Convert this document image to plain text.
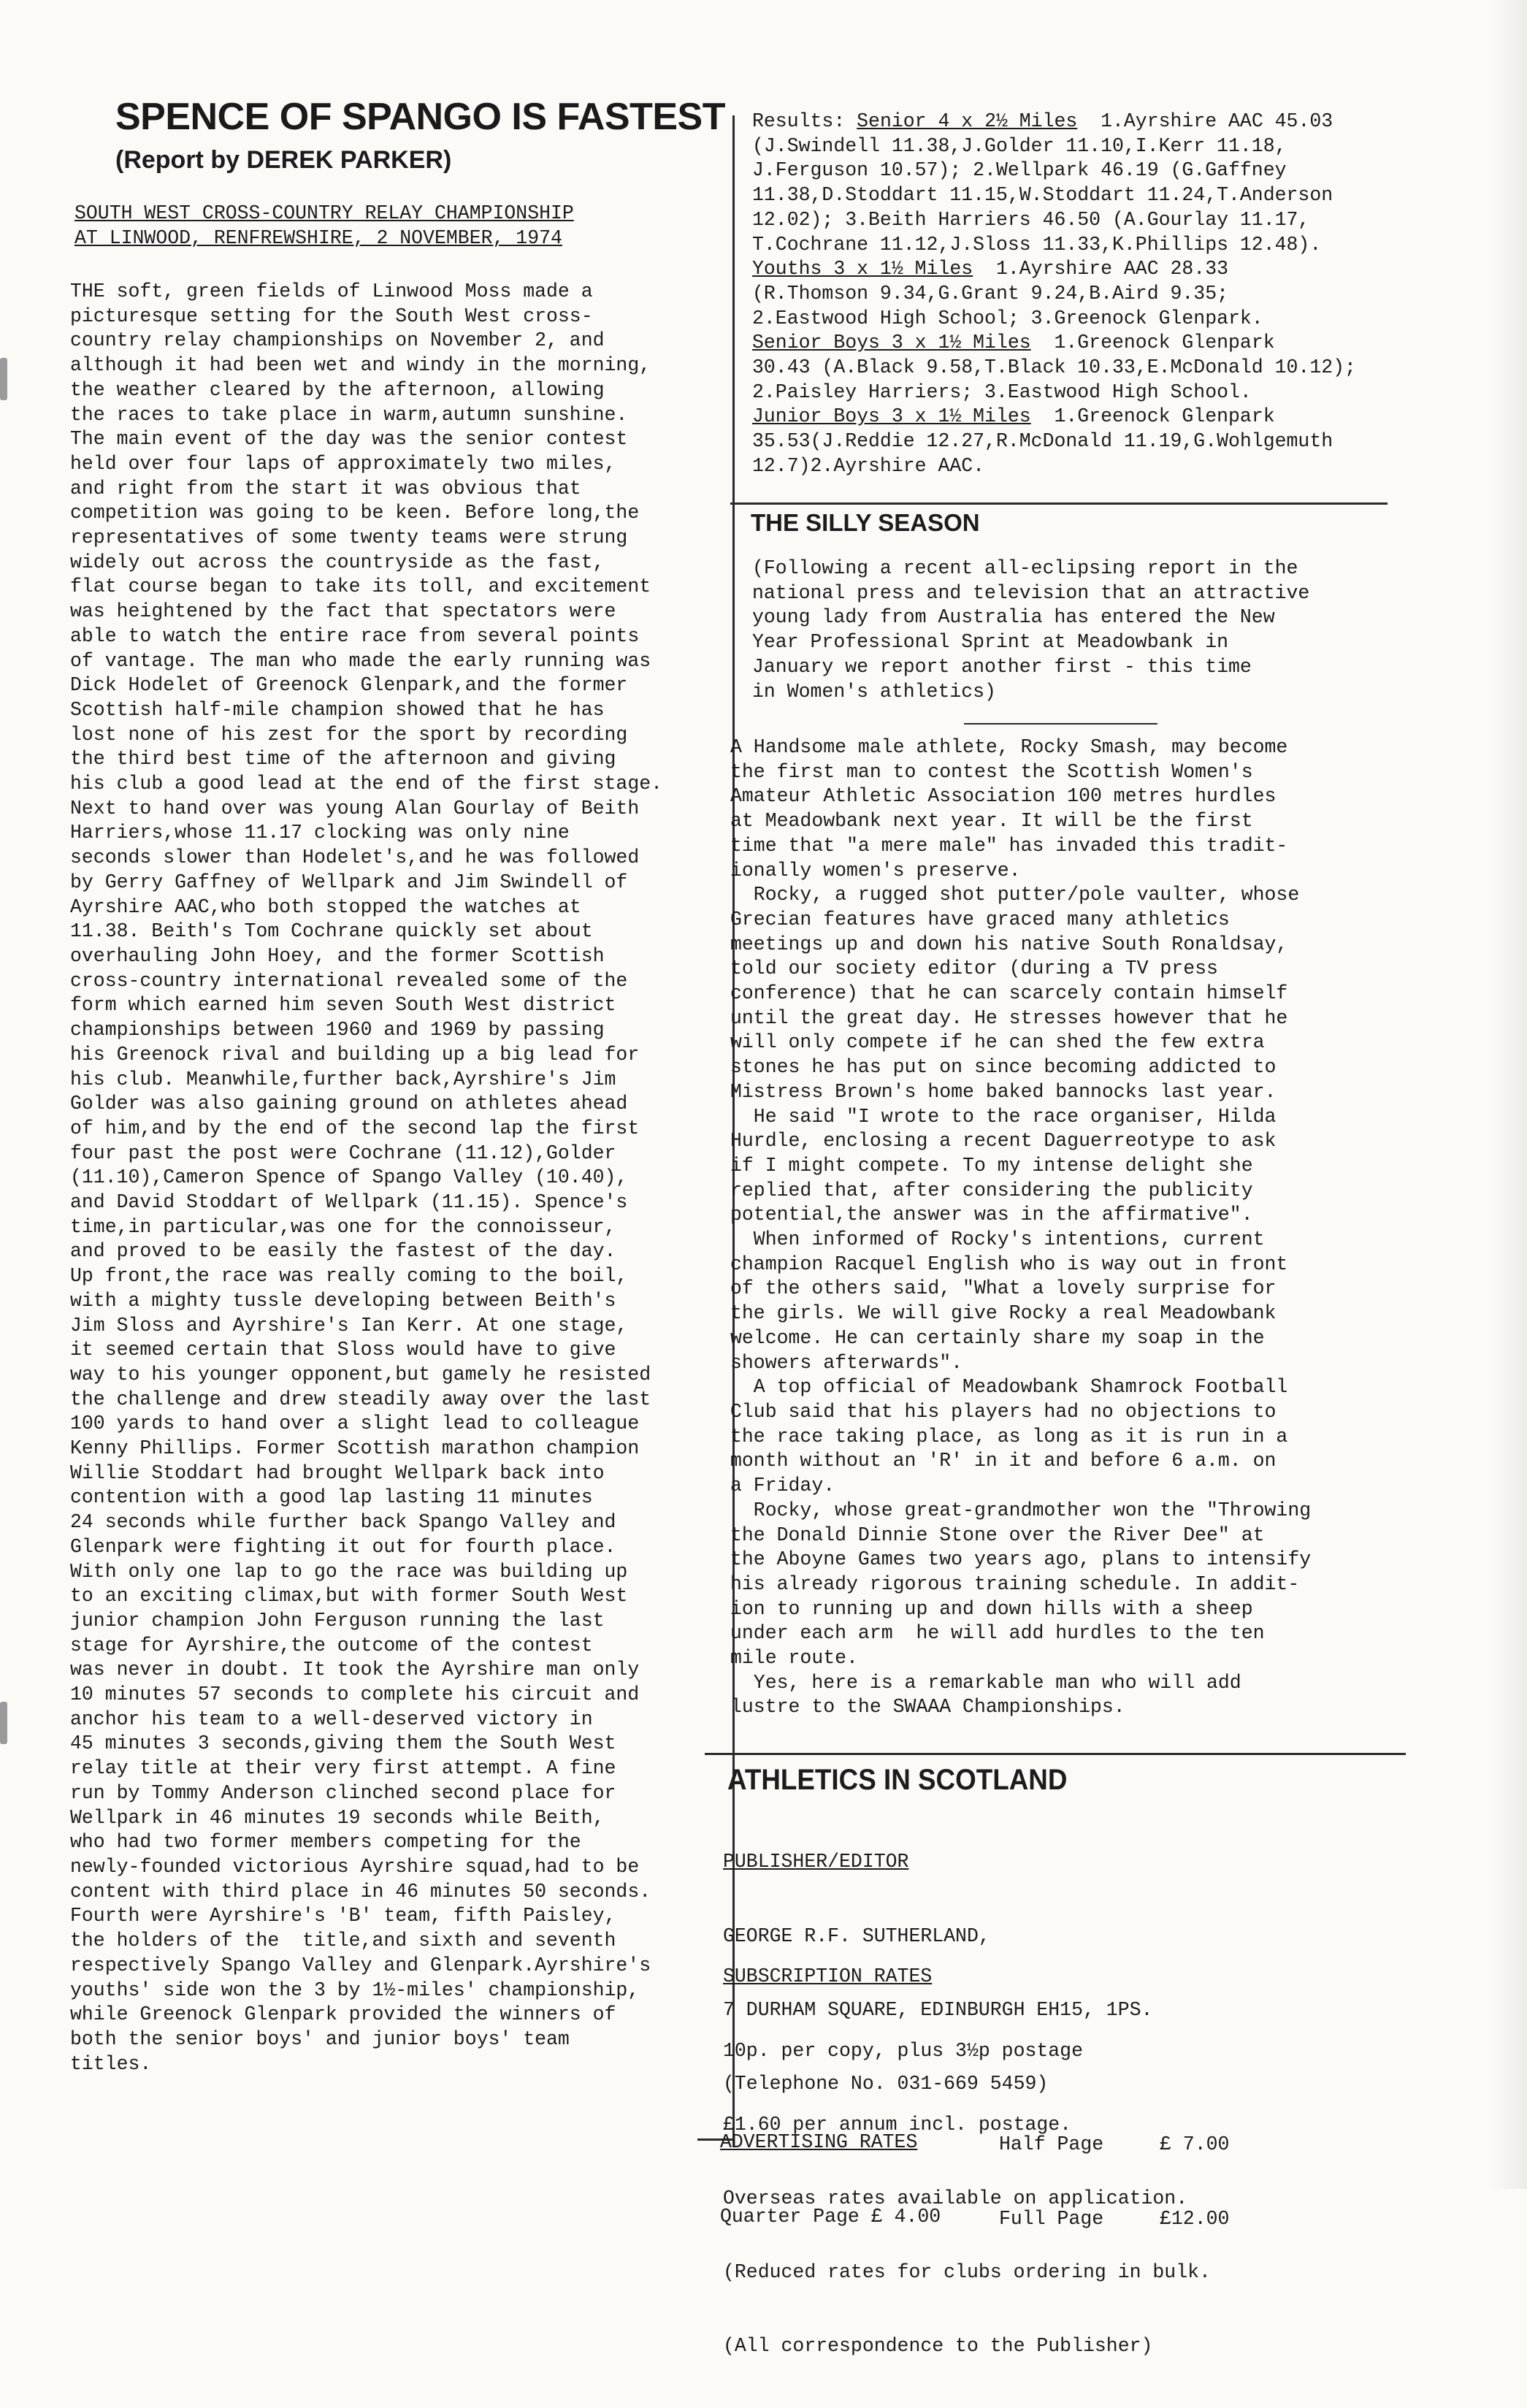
SPENCE OF SPANGO IS FASTEST
(Report by DEREK PARKER)
SOUTH WEST CROSS-COUNTRY RELAY CHAMPIONSHIP
AT LINWOOD, RENFREWSHIRE, 2 NOVEMBER, 1974
THE soft, green fields of Linwood Moss made a
picturesque setting for the South West cross-
country relay championships on November 2, and
although it had been wet and windy in the morning,
the weather cleared by the afternoon, allowing
the races to take place in warm,autumn sunshine.
The main event of the day was the senior contest
held over four laps of approximately two miles,
and right from the start it was obvious that
competition was going to be keen. Before long,the
representatives of some twenty teams were strung
widely out across the countryside as the fast,
flat course began to take its toll, and excitement
was heightened by the fact that spectators were
able to watch the entire race from several points
of vantage. The man who made the early running was
Dick Hodelet of Greenock Glenpark,and the former
Scottish half-mile champion showed that he has
lost none of his zest for the sport by recording
the third best time of the afternoon and giving
his club a good lead at the end of the first stage.
Next to hand over was young Alan Gourlay of Beith
Harriers,whose 11.17 clocking was only nine
seconds slower than Hodelet's,and he was followed
by Gerry Gaffney of Wellpark and Jim Swindell of
Ayrshire AAC,who both stopped the watches at
11.38. Beith's Tom Cochrane quickly set about
overhauling John Hoey, and the former Scottish
cross-country international revealed some of the
form which earned him seven South West district
championships between 1960 and 1969 by passing
his Greenock rival and building up a big lead for
his club. Meanwhile,further back,Ayrshire's Jim
Golder was also gaining ground on athletes ahead
of him,and by the end of the second lap the first
four past the post were Cochrane (11.12),Golder
(11.10),Cameron Spence of Spango Valley (10.40),
and David Stoddart of Wellpark (11.15). Spence's
time,in particular,was one for the connoisseur,
and proved to be easily the fastest of the day.
Up front,the race was really coming to the boil,
with a mighty tussle developing between Beith's
Jim Sloss and Ayrshire's Ian Kerr. At one stage,
it seemed certain that Sloss would have to give
way to his younger opponent,but gamely he resisted
the challenge and drew steadily away over the last
100 yards to hand over a slight lead to colleague
Kenny Phillips. Former Scottish marathon champion
Willie Stoddart had brought Wellpark back into
contention with a good lap lasting 11 minutes
24 seconds while further back Spango Valley and
Glenpark were fighting it out for fourth place.
With only one lap to go the race was building up
to an exciting climax,but with former South West
junior champion John Ferguson running the last
stage for Ayrshire,the outcome of the contest
was never in doubt. It took the Ayrshire man only
10 minutes 57 seconds to complete his circuit and
anchor his team to a well-deserved victory in
45 minutes 3 seconds,giving them the South West
relay title at their very first attempt. A fine
run by Tommy Anderson clinched second place for
Wellpark in 46 minutes 19 seconds while Beith,
who had two former members competing for the
newly-founded victorious Ayrshire squad,had to be
content with third place in 46 minutes 50 seconds.
Fourth were Ayrshire's 'B' team, fifth Paisley,
the holders of the  title,and sixth and seventh
respectively Spango Valley and Glenpark.Ayrshire's
youths' side won the 3 by 1½-miles' championship,
while Greenock Glenpark provided the winners of
both the senior boys' and junior boys' team
titles.
Results: Senior 4 x 2½ Miles  1.Ayrshire AAC 45.03
(J.Swindell 11.38,J.Golder 11.10,I.Kerr 11.18,
J.Ferguson 10.57); 2.Wellpark 46.19 (G.Gaffney
11.38,D.Stoddart 11.15,W.Stoddart 11.24,T.Anderson
12.02); 3.Beith Harriers 46.50 (A.Gourlay 11.17,
T.Cochrane 11.12,J.Sloss 11.33,K.Phillips 12.48).
Youths 3 x 1½ Miles  1.Ayrshire AAC 28.33
(R.Thomson 9.34,G.Grant 9.24,B.Aird 9.35;
2.Eastwood High School; 3.Greenock Glenpark.
Senior Boys 3 x 1½ Miles  1.Greenock Glenpark
30.43 (A.Black 9.58,T.Black 10.33,E.McDonald 10.12);
2.Paisley Harriers; 3.Eastwood High School.
Junior Boys 3 x 1½ Miles  1.Greenock Glenpark
35.53(J.Reddie 12.27,R.McDonald 11.19,G.Wohlgemuth
12.7)2.Ayrshire AAC.
THE SILLY SEASON
(Following a recent all-eclipsing report in the
national press and television that an attractive
young lady from Australia has entered the New
Year Professional Sprint at Meadowbank in
January we report another first - this time
in Women's athletics)
A Handsome male athlete, Rocky Smash, may become
the first man to contest the Scottish Women's
Amateur Athletic Association 100 metres hurdles
at Meadowbank next year. It will be the first
time that "a mere male" has invaded this tradit-
ionally women's preserve.
Rocky, a rugged shot putter/pole vaulter, whose
Grecian features have graced many athletics
meetings up and down his native South Ronaldsay,
told our society editor (during a TV press
conference) that he can scarcely contain himself
until the great day. He stresses however that he
will only compete if he can shed the few extra
stones he has put on since becoming addicted to
Mistress Brown's home baked bannocks last year.
He said "I wrote to the race organiser, Hilda
Hurdle, enclosing a recent Daguerreotype to ask
if I might compete. To my intense delight she
replied that, after considering the publicity
potential,the answer was in the affirmative".
When informed of Rocky's intentions, current
champion Racquel English who is way out in front
of the others said, "What a lovely surprise for
the girls. We will give Rocky a real Meadowbank
welcome. He can certainly share my soap in the
showers afterwards".
A top official of Meadowbank Shamrock Football
Club said that his players had no objections to
the race taking place, as long as it is run in a
month without an 'R' in it and before 6 a.m. on
a Friday.
Rocky, whose great-grandmother won the "Throwing
the Donald Dinnie Stone over the River Dee" at
the Aboyne Games two years ago, plans to intensify
his already rigorous training schedule. In addit-
ion to running up and down hills with a sheep
under each arm  he will add hurdles to the ten
mile route.
Yes, here is a remarkable man who will add
lustre to the SWAAA Championships.
ATHLETICS IN SCOTLAND

PUBLISHER/EDITOR

GEORGE R.F. SUTHERLAND,

7 DURHAM SQUARE, EDINBURGH EH15, 1PS.

(Telephone No. 031-669 5459)

SUBSCRIPTION RATES

10p. per copy, plus 3½p postage

£1.60 per annum incl. postage.

Overseas rates available on application.

(Reduced rates for clubs ordering in bulk.

(All correspondence to the Publisher)

ADVERTISING RATES

Quarter Page £ 4.00

Half Page

Full Page

£ 7.00

£12.00
